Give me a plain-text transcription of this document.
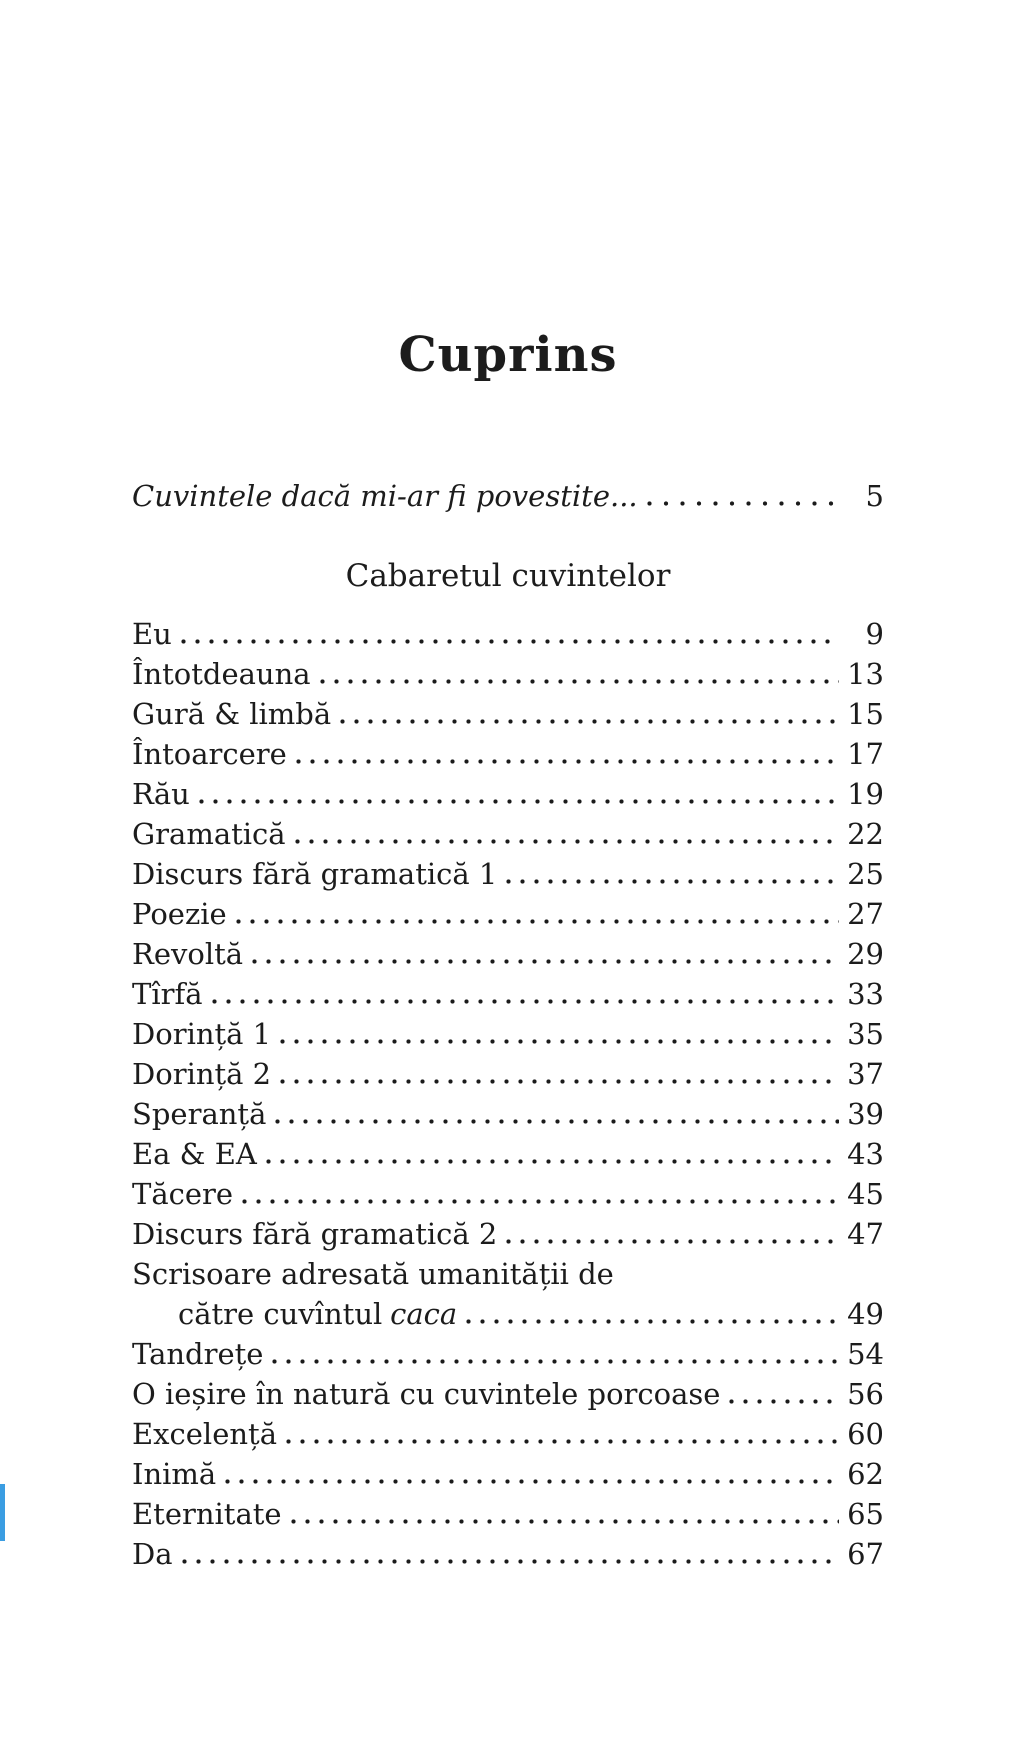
Cuprins
Cuvintele dacă mi-ar fi povestite...	5
Cabaretul cuvintelor
Eu	9
Întotdeauna	13
Gură & limbă	15
Întoarcere	17
Rău	19
Gramatică	22
Discurs fără gramatică 1	25
Poezie	27
Revoltă	29
Tîrfă	33
Dorință 1	35
Dorință 2	37
Speranță	39
Ea & EA	43
Tăcere	45
Discurs fără gramatică 2	47
Scrisoare adresată umanității de
către cuvîntul caca	49
Tandrețe	54
O ieșire în natură cu cuvintele porcoase	56
Excelență	60
Inimă	62
Eternitate	65
Da	67
